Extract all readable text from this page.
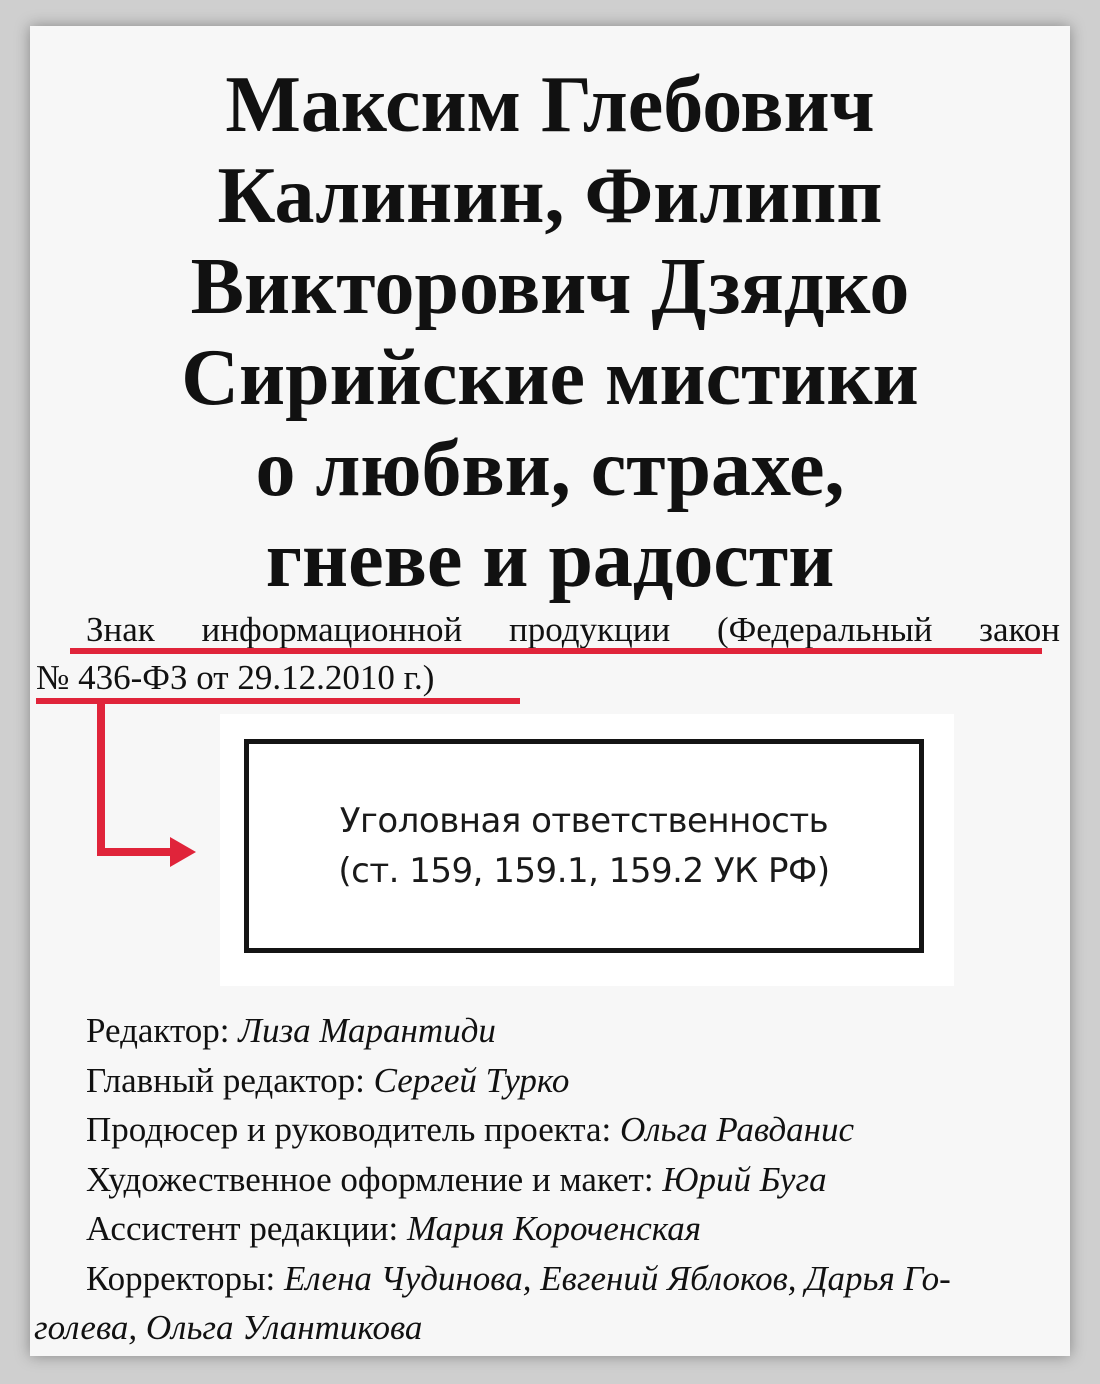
Максим Глебович
Калинин, Филипп
Викторович Дзядко
Сирийские мистики
о любви, страхе,
гневе и радости
Знак информационной продукции (Федеральный закон
№ 436-ФЗ от 29.12.2010 г.)
Уголовная ответственность
(ст. 159, 159.1, 159.2 УК РФ)
Редактор: Лиза Марантиди
Главный редактор: Сергей Турко
Продюсер и руководитель проекта: Ольга Равданис
Художественное оформление и макет: Юрий Буга
Ассистент редакции: Мария Короченская
Корректоры: Елена Чудинова, Евгений Яблоков, Дарья Го-
голева, Ольга Улантикова
